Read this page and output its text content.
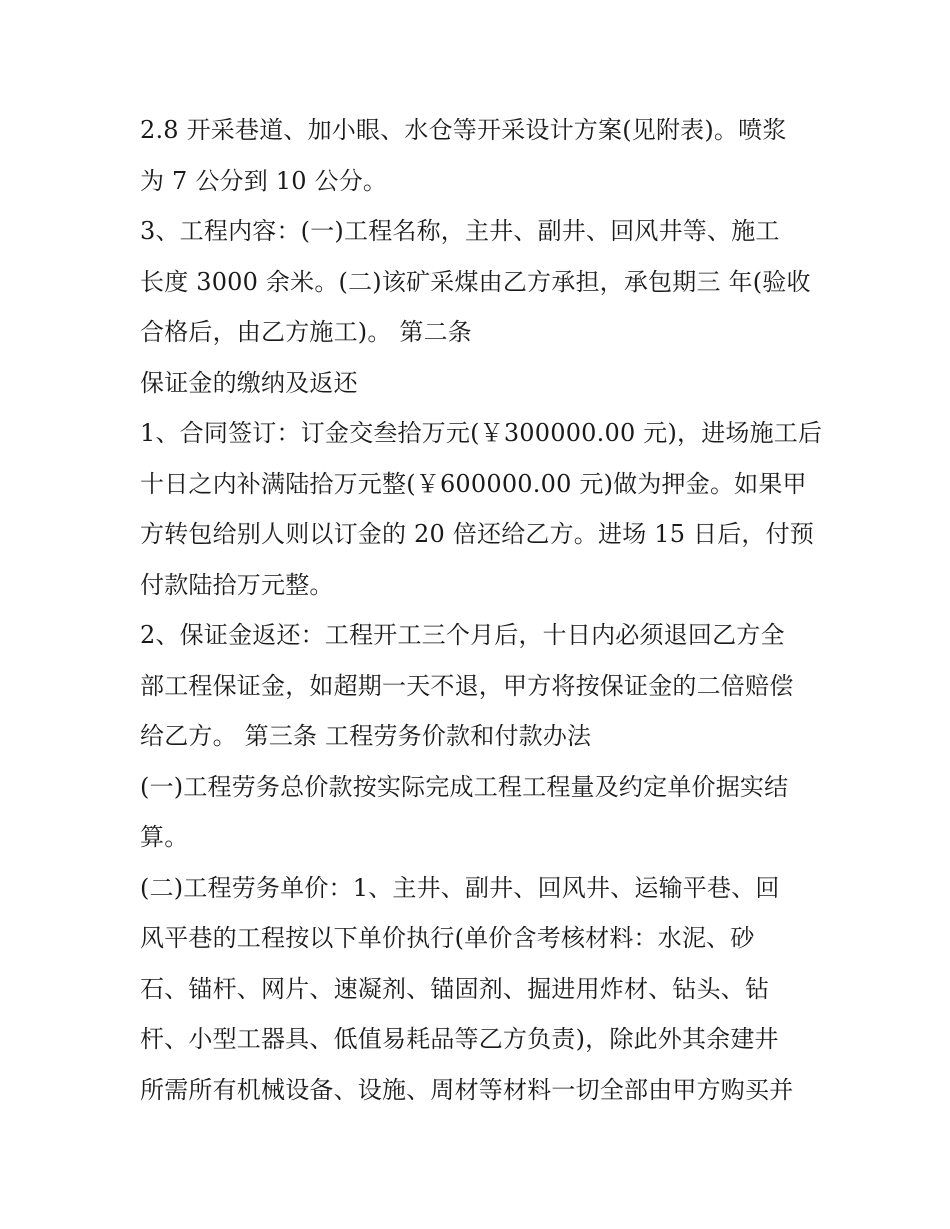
2.8 开采巷道、加小眼、水仓等开采设计方案(见附表)。喷浆
为 7 公分到 10 公分。
3、工程内容：(一)工程名称，主井、副井、回风井等、施工
长度 3000 余米。(二)该矿采煤由乙方承担，承包期三 年(验收
合格后，由乙方施工)。 第二条
保证金的缴纳及返还
1、合同签订：订金交叁拾万元(￥300000.00 元)，进场施工后
十日之内补满陆拾万元整(￥600000.00 元)做为押金。如果甲
方转包给别人则以订金的 20 倍还给乙方。进场 15 日后，付预
付款陆拾万元整。
2、保证金返还：工程开工三个月后，十日内必须退回乙方全
部工程保证金，如超期一天不退，甲方将按保证金的二倍赔偿
给乙方。 第三条 工程劳务价款和付款办法
(一)工程劳务总价款按实际完成工程工程量及约定单价据实结
算。
(二)工程劳务单价：1、主井、副井、回风井、运输平巷、回
风平巷的工程按以下单价执行(单价含考核材料：水泥、砂
石、锚杆、网片、速凝剂、锚固剂、掘进用炸材、钻头、钻
杆、小型工器具、低值易耗品等乙方负责)，除此外其余建井
所需所有机械设备、设施、周材等材料一切全部由甲方购买并
